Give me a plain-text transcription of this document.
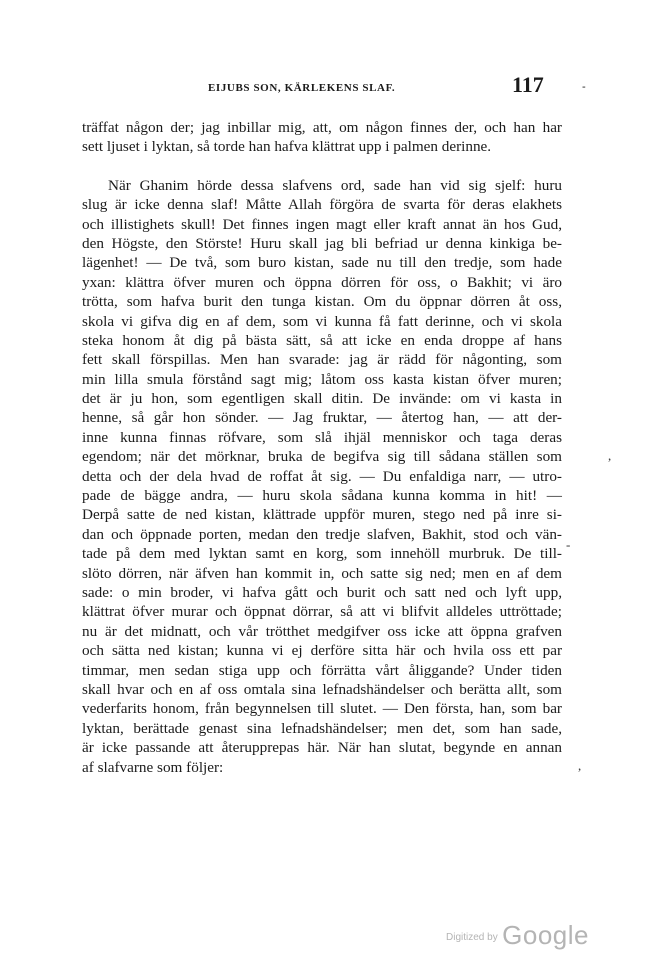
EIJUBS SON, KÄRLEKENS SLAF.	117	-
träffat någon der; jag inbillar mig, att, om någon finnes der, och han har
sett ljuset i lyktan, så torde han hafva klättrat upp i palmen derinne.
När Ghanim hörde dessa slafvens ord, sade han vid sig sjelf: huru
slug är icke denna slaf! Måtte Allah förgöra de svarta för deras elakhets
och illistighets skull! Det finnes ingen magt eller kraft annat än hos Gud,
den Högste, den Störste! Huru skall jag bli befriad ur denna kinkiga be-
lägenhet! — De två, som buro kistan, sade nu till den tredje, som hade
yxan: klättra öfver muren och öppna dörren för oss, o Bakhit; vi äro
trötta, som hafva burit den tunga kistan. Om du öppnar dörren åt oss,
skola vi gifva dig en af dem, som vi kunna få fatt derinne, och vi skola
steka honom åt dig på bästa sätt, så att icke en enda droppe af hans
fett skall förspillas. Men han svarade: jag är rädd för någonting, som
min lilla smula förstånd sagt mig; låtom oss kasta kistan öfver muren;
det är ju hon, som egentligen skall ditin. De invände: om vi kasta in
henne, så går hon sönder. — Jag fruktar, — återtog han, — att der-
inne kunna finnas röfvare, som slå ihjäl menniskor och taga deras
egendom; när det mörknar, bruka de begifva sig till sådana ställen som
detta och der dela hvad de roffat åt sig. — Du enfaldiga narr, — utro-
pade de bägge andra, — huru skola sådana kunna komma in hit! —
Derpå satte de ned kistan, klättrade uppför muren, stego ned på inre si-
dan och öppnade porten, medan den tredje slafven, Bakhit, stod och vän-
tade på dem med lyktan samt en korg, som innehöll murbruk. De till-
slöto dörren, när äfven han kommit in, och satte sig ned; men en af dem
sade: o min broder, vi hafva gått och burit och satt ned och lyft upp,
klättrat öfver murar och öppnat dörrar, så att vi blifvit alldeles uttröttade;
nu är det midnatt, och vår trötthet medgifver oss icke att öppna grafven
och sätta ned kistan; kunna vi ej derföre sitta här och hvila oss ett par
timmar, men sedan stiga upp och förrätta vårt åliggande? Under tiden
skall hvar och en af oss omtala sina lefnadshändelser och berätta allt, som
vederfarits honom, från begynnelsen till slutet. — Den första, han, som bar
lyktan, berättade genast sina lefnadshändelser; men det, som han sade,
är icke passande att återupprepas här. När han slutat, begynde en annan
af slafvarne som följer:
,
-
,
$^{Digitized by}$ Google
